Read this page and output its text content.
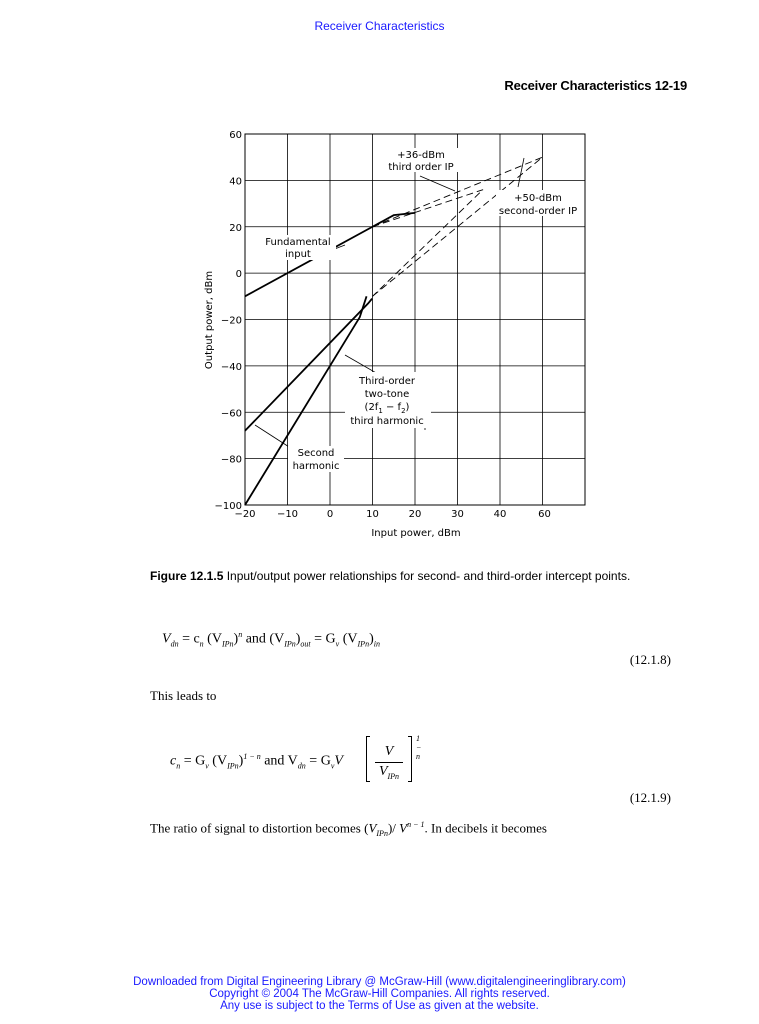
Receiver Characteristics
Receiver Characteristics 12-19
−20 −10	0	10	20	30	40	60
60
40
20
0
−20
−40
−60
−80
−100
Input power, dBm
Output power, dBm
+36-dBm
third order IP
+50-dBm
second-order IP
Fundamental
input
Third-order
two-tone
$(2f_1 - f_2)$
third harmonic
Second
harmonic
Figure 12.1.5 Input/output power relationships for second- and third-order intercept points.
$V_{dn} = c_n$ $(V_{IPn})^n$ and $(V_{IPn})_{out} = G_v$ $(V_{IPn})_{in}$
(12.1.8)
This leads to
$c_n = G_v$ $(V_{IPn})^{1 - n}$ and $V_{dn} = G_vV$
V
$V_{IPn}$
1 − n
(12.1.9)
The ratio of signal to distortion becomes $(V_{IPn})/$ $V^{n - 1}$. In decibels it becomes
Downloaded from Digital Engineering Library @ McGraw-Hill (www.digitalengineeringlibrary.com)
Copyright © 2004 The McGraw-Hill Companies. All rights reserved.
Any use is subject to the Terms of Use as given at the website.
